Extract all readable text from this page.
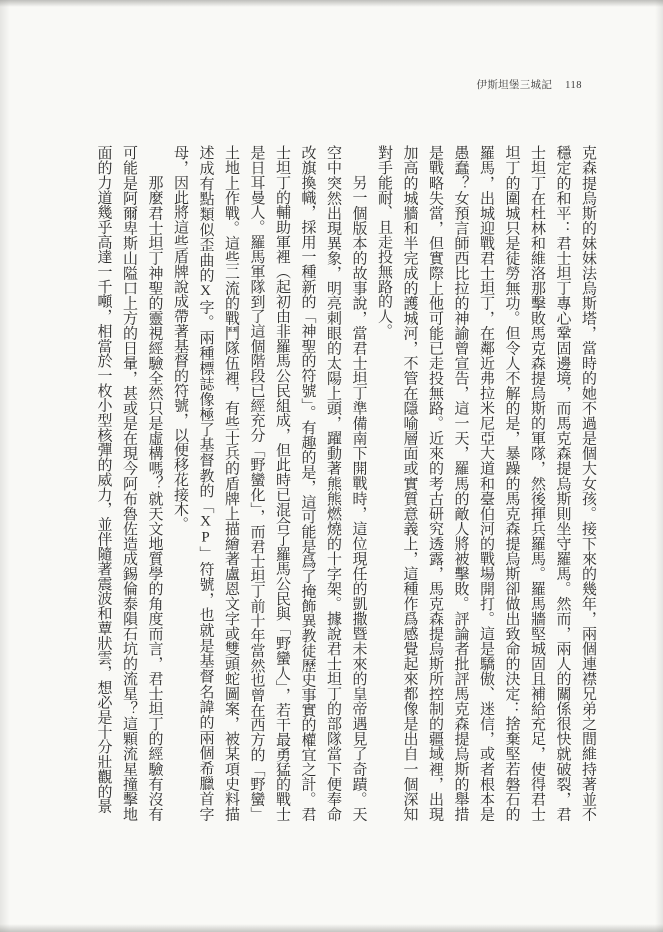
伊斯坦堡三城記 118

克森提烏斯的妹妹法烏斯塔，當時的她不過是個大女孩。接下來的幾年，兩個連襟兄弟之間維持著並不穩定的和平：君士坦丁專心鞏固邊境，而馬克森提烏斯則坐守羅馬。然而，兩人的關係很快就破裂，君士坦丁在杜林和維洛那擊敗馬克森提烏斯的軍隊，然後揮兵羅馬。羅馬牆堅城固且補給充足，使得君士坦丁的圍城只是徒勞無功。但令人不解的是，暴躁的馬克森提烏斯卻做出致命的決定：捨棄堅若磐石的羅馬，出城迎戰君士坦丁，在鄰近弗拉米尼亞大道和臺伯河的戰場開打。這是驕傲、迷信，或者根本是愚蠢？女預言師西比拉的神諭曾宣告，這一天，羅馬的敵人將被擊敗。評論者批評馬克森提烏斯的舉措是戰略失當，但實際上他可能已走投無路。近來的考古研究透露，馬克森提烏斯所控制的疆域裡，出現加高的城牆和半完成的護城河，不管在隱喻層面或實質意義上，這種作爲感覺起來都像是出自一個深知對手能耐、且走投無路的人。

另一個版本的故事說，當君士坦丁準備南下開戰時，這位現任的凱撒暨未來的皇帝遇見了奇蹟。天空中突然出現異象，明亮刺眼的太陽上頭，躍動著熊熊燃燒的十字架。據說君士坦丁的部隊當下便奉命改旗換幟，採用一種新的「神聖的符號」。有趣的是，這可能是爲了掩飾異教徒歷史事實的權宜之計。君士坦丁的輔助軍裡（起初由非羅馬公民組成，但此時已混合了羅馬公民與「野蠻人」，若干最勇猛的戰士是日耳曼人。羅馬軍隊到了這個階段已經充分「野蠻化」，而君士坦丁前十年當然也曾在西方的「野蠻」土地上作戰。這些二流的戰鬥隊伍裡，有些士兵的盾牌上描繪著盧恩文字或雙頭蛇圖案，被某項史料描述成有點類似歪曲的X字。兩種標誌像極了基督教的「XP」符號，也就是基督名諱的兩個希臘首字母，因此將這些盾牌說成帶著基督的符號，以便移花接木。

那麼君士坦丁神聖的靈視經驗全然只是虛構嗎？就天文地質學的角度而言，君士坦丁的經驗有沒有可能是阿爾卑斯山隘口上方的日暈，甚或是在現今阿布魯佐造成錫倫泰隕石坑的流星？這顆流星撞擊地面的力道幾乎高達一千噸，相當於一枚小型核彈的威力，並伴隨著震波和蕈狀雲，想必是十分壯觀的景
